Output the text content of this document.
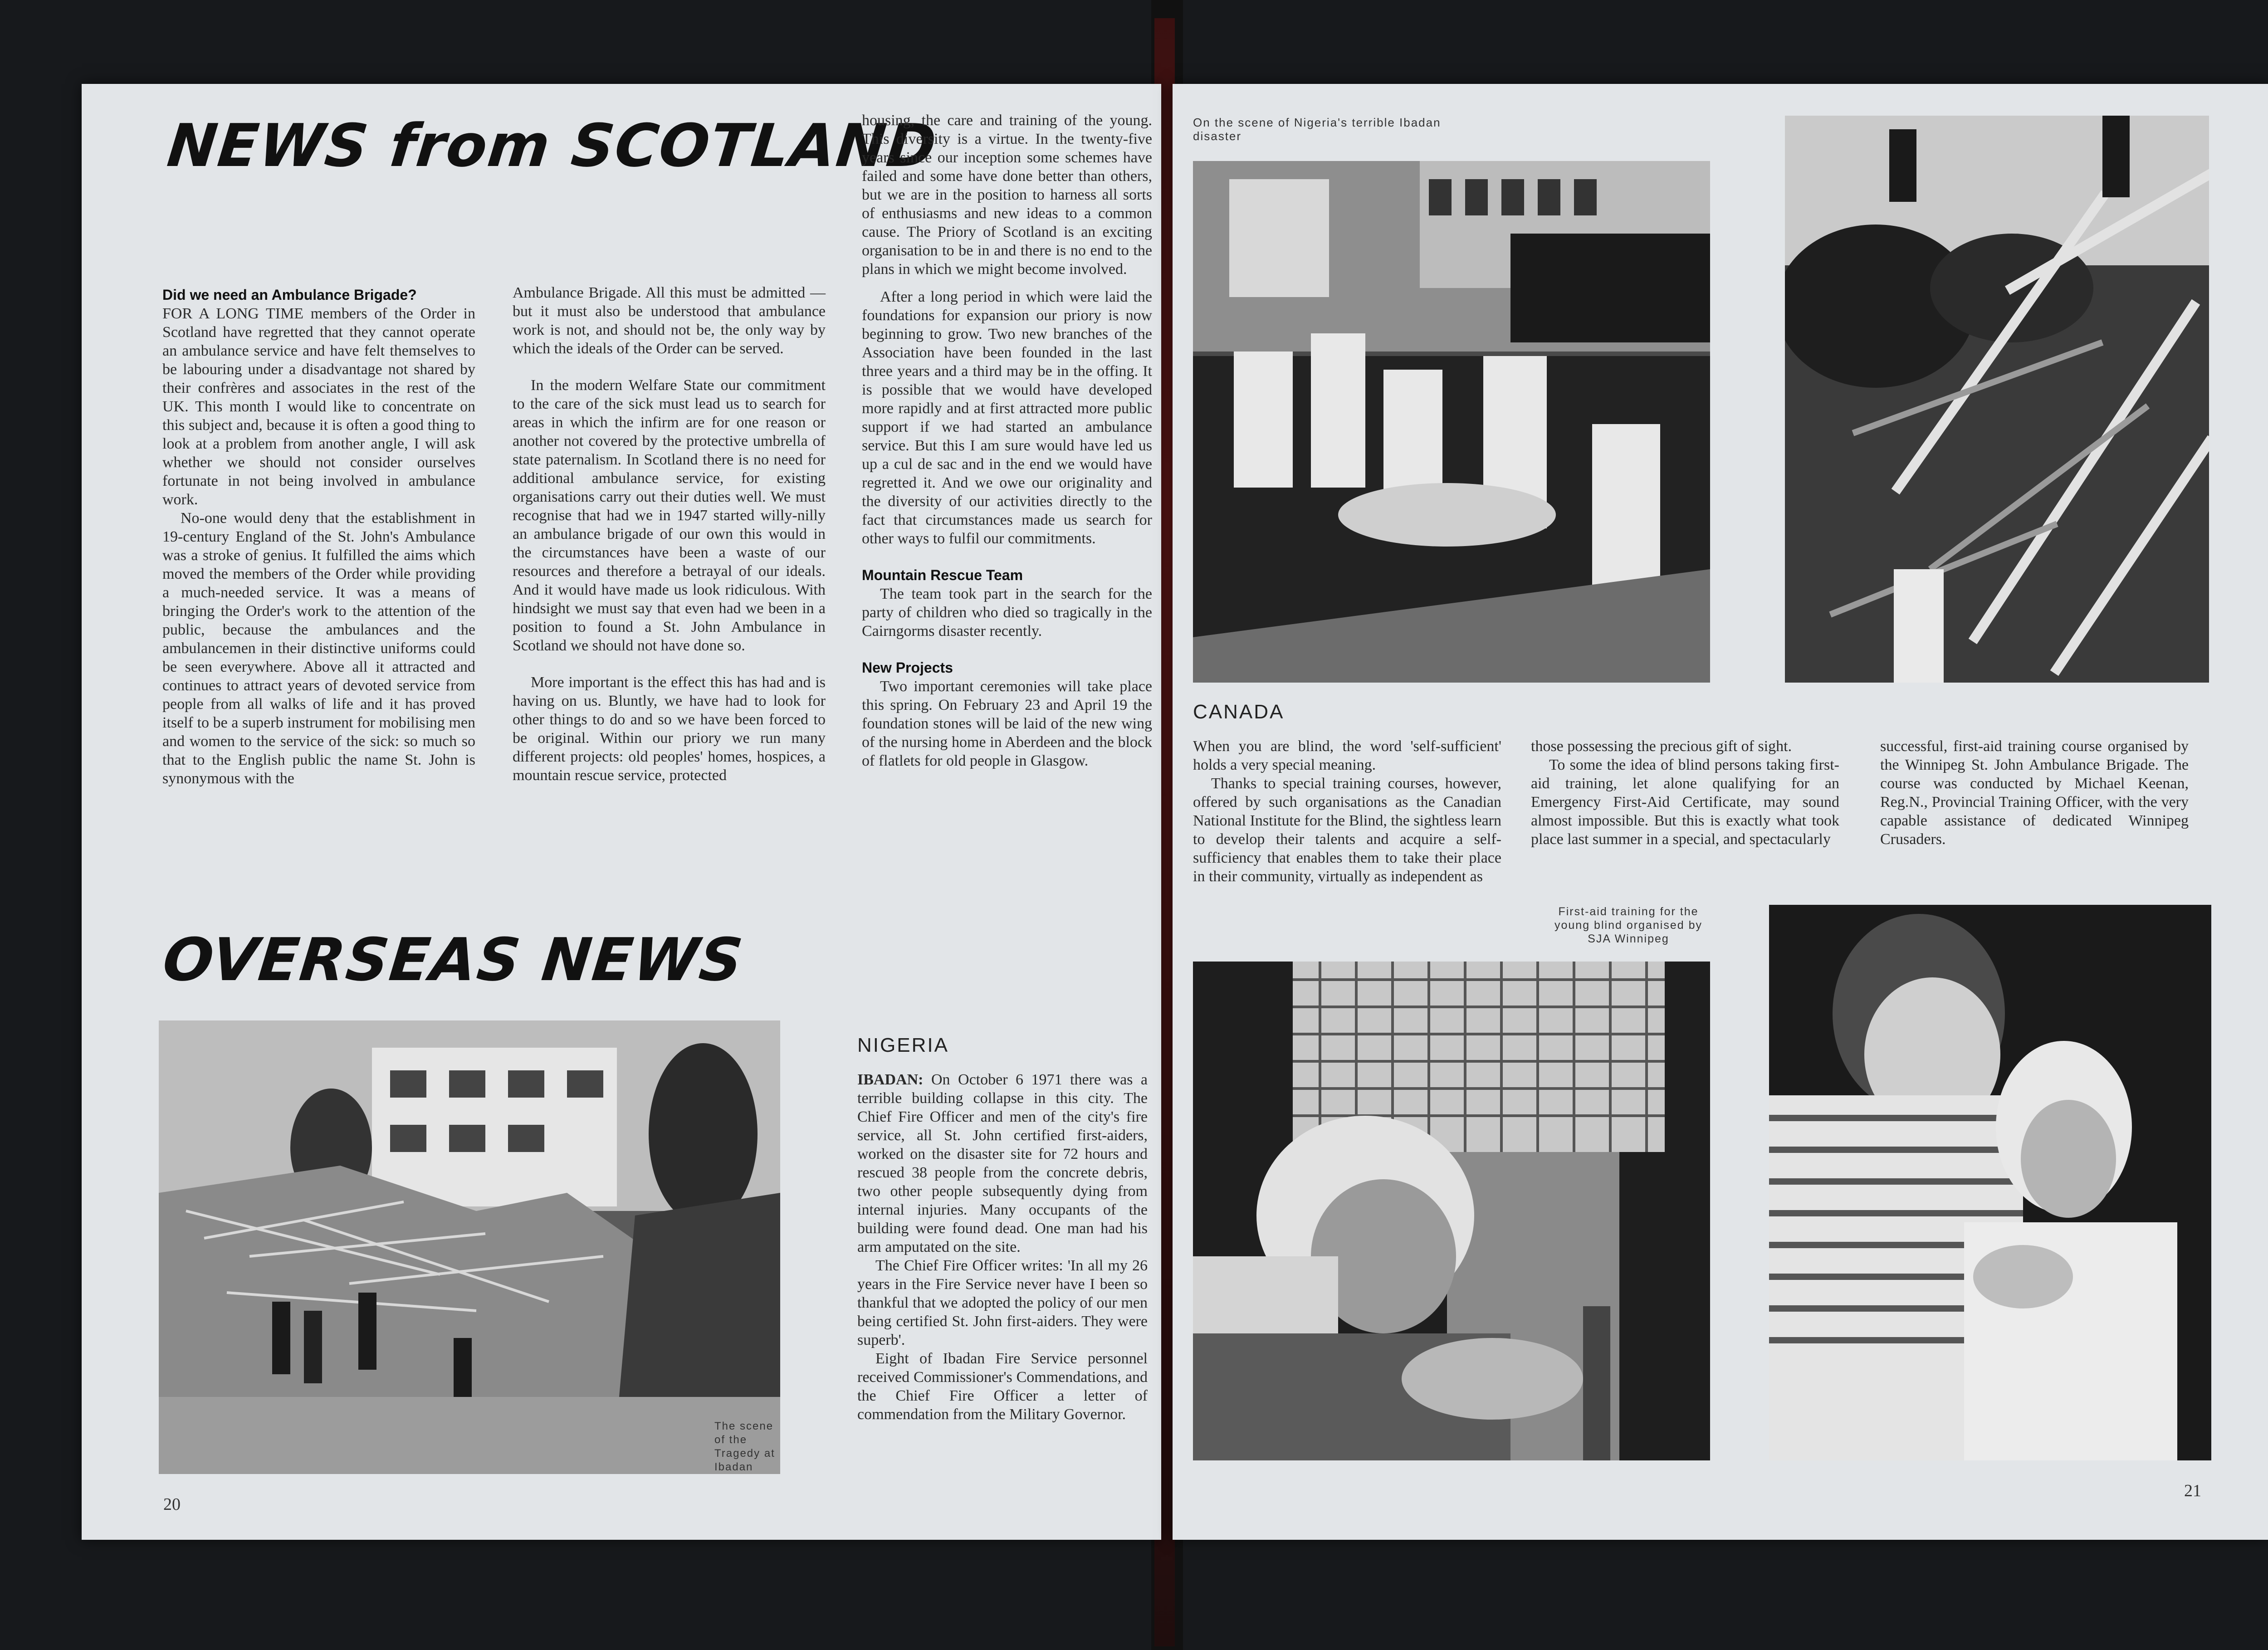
NEWS from SCOTLAND

Did we need an Ambulance Brigade?

FOR A LONG TIME members of the Order in Scotland have regretted that they cannot operate an ambulance service and have felt themselves to be labouring under a disadvantage not shared by their confrères and associates in the rest of the UK. This month I would like to concentrate on this subject and, because it is often a good thing to look at a problem from another angle, I will ask whether we should not consider ourselves fortunate in not being involved in ambulance work.

No-one would deny that the establishment in 19-century England of the St. John's Ambulance was a stroke of genius. It fulfilled the aims which moved the members of the Order while providing a much-needed service. It was a means of bringing the Order's work to the attention of the public, because the ambulances and the ambulancemen in their distinctive uniforms could be seen everywhere. Above all it attracted and continues to attract years of devoted service from people from all walks of life and it has proved itself to be a superb instrument for mobilising men and women to the service of the sick: so much so that to the English public the name St. John is synonymous with the

Ambulance Brigade. All this must be admitted — but it must also be understood that ambulance work is not, and should not be, the only way by which the ideals of the Order can be served.

In the modern Welfare State our commitment to the care of the sick must lead us to search for areas in which the infirm are for one reason or another not covered by the protective umbrella of state paternalism. In Scotland there is no need for additional ambulance service, for existing organisations carry out their duties well. We must recognise that had we in 1947 started willy-nilly an ambulance brigade of our own this would in the circumstances have been a waste of our resources and therefore a betrayal of our ideals. And it would have made us look ridiculous. With hindsight we must say that even had we been in a position to found a St. John Ambulance in Scotland we should not have done so.

More important is the effect this has had and is having on us. Bluntly, we have had to look for other things to do and so we have been forced to be original. Within our priory we run many different projects: old peoples' homes, hospices, a mountain rescue service, protected

housing, the care and training of the young. This diversity is a virtue. In the twenty-five years since our inception some schemes have failed and some have done better than others, but we are in the position to harness all sorts of enthusiasms and new ideas to a common cause. The Priory of Scotland is an exciting organisation to be in and there is no end to the plans in which we might become involved.

After a long period in which were laid the foundations for expansion our priory is now beginning to grow. Two new branches of the Association have been founded in the last three years and a third may be in the offing. It is possible that we would have developed more rapidly and at first attracted more public support if we had started an ambulance service. But this I am sure would have led us up a cul de sac and in the end we would have regretted it. And we owe our originality and the diversity of our activities directly to the fact that circumstances made us search for other ways to fulfil our commitments.

Mountain Rescue Team

The team took part in the search for the party of children who died so tragically in the Cairngorms disaster recently.

New Projects

Two important ceremonies will take place this spring. On February 23 and April 19 the foundation stones will be laid of the new wing of the nursing home in Aberdeen and the block of flatlets for old people in Glasgow.

OVERSEAS NEWS
The scene of the Tragedy at Ibadan
NIGERIA

IBADAN: On October 6 1971 there was a terrible building collapse in this city. The Chief Fire Officer and men of the city's fire service, all St. John certified first-aiders, worked on the disaster site for 72 hours and rescued 38 people from the concrete debris, two other people subsequently dying from internal injuries. Many occupants of the building were found dead. One man had his arm amputated on the site.

The Chief Fire Officer writes: 'In all my 26 years in the Fire Service never have I been so thankful that we adopted the policy of our men being certified St. John first-aiders. They were superb'.

Eight of Ibadan Fire Service personnel received Commissioner's Commendations, and the Chief Fire Officer a letter of commendation from the Military Governor.

20
On the scene of Nigeria's terrible Ibadan disaster
CANADA

When you are blind, the word 'self-sufficient' holds a very special meaning.

Thanks to special training courses, however, offered by such organisations as the Canadian National Institute for the Blind, the sightless learn to develop their talents and acquire a self-sufficiency that enables them to take their place in their community, virtually as independent as

those possessing the precious gift of sight.

To some the idea of blind persons taking first-aid training, let alone qualifying for an Emergency First-Aid Certificate, may sound almost impossible. But this is exactly what took place last summer in a special, and spectacularly

successful, first-aid training course organised by the Winnipeg St. John Ambulance Brigade. The course was conducted by Michael Keenan, Reg.N., Provincial Training Officer, with the very capable assistance of dedicated Winnipeg Crusaders.

First-aid training for the young blind organised by SJA Winnipeg
21
